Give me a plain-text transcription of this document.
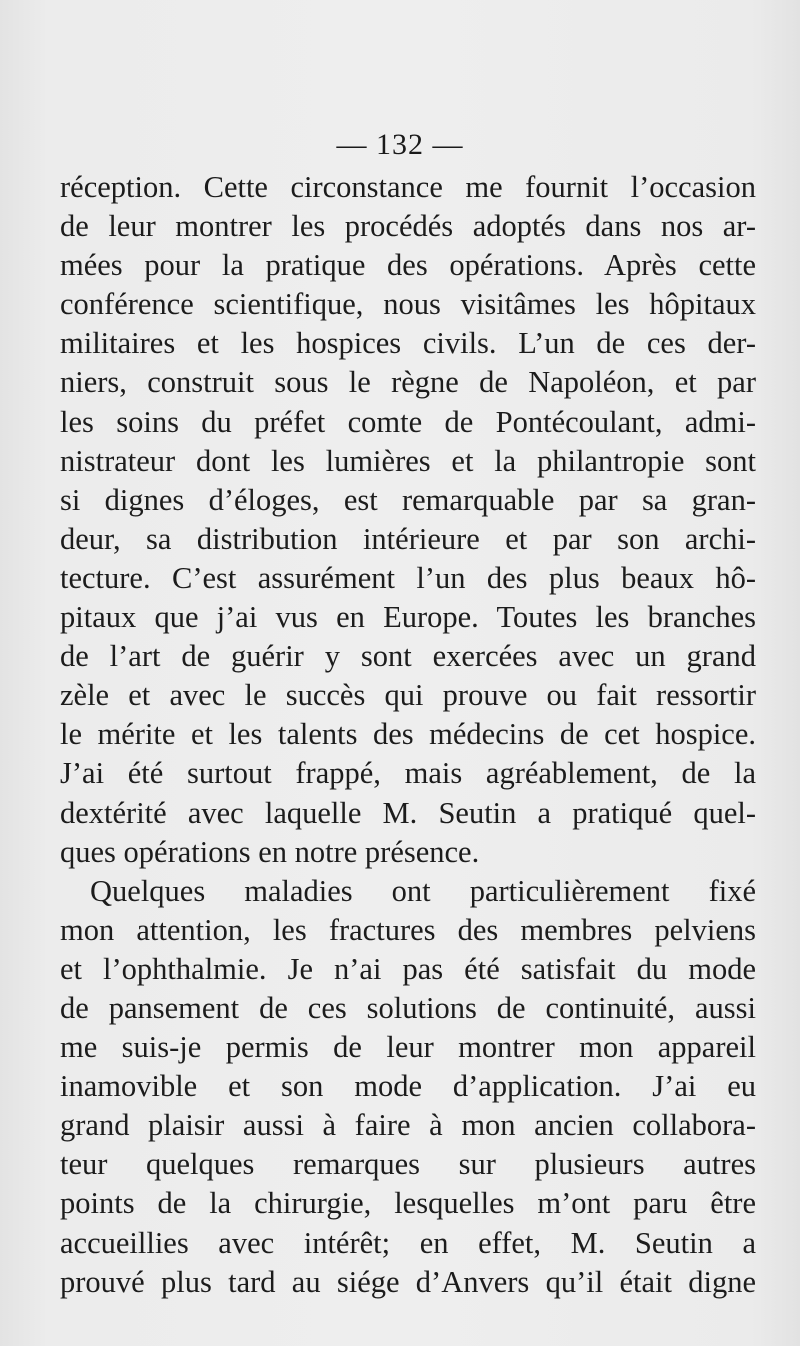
— 132 —
réception. Cette circonstance me fournit l’occasion
de leur montrer les procédés adoptés dans nos ar-
mées pour la pratique des opérations. Après cette
conférence scientifique, nous visitâmes les hôpitaux
militaires et les hospices civils. L’un de ces der-
niers, construit sous le règne de Napoléon, et par
les soins du préfet comte de Pontécoulant, admi-
nistrateur dont les lumières et la philantropie sont
si dignes d’éloges, est remarquable par sa gran-
deur, sa distribution intérieure et par son archi-
tecture. C’est assurément l’un des plus beaux hô-
pitaux que j’ai vus en Europe. Toutes les branches
de l’art de guérir y sont exercées avec un grand
zèle et avec le succès qui prouve ou fait ressortir
le mérite et les talents des médecins de cet hospice.
J’ai été surtout frappé, mais agréablement, de la
dextérité avec laquelle M. Seutin a pratiqué quel-
ques opérations en notre présence.
Quelques maladies ont particulièrement fixé
mon attention, les fractures des membres pelviens
et l’ophthalmie. Je n’ai pas été satisfait du mode
de pansement de ces solutions de continuité, aussi
me suis-je permis de leur montrer mon appareil
inamovible et son mode d’application. J’ai eu
grand plaisir aussi à faire à mon ancien collabora-
teur quelques remarques sur plusieurs autres
points de la chirurgie, lesquelles m’ont paru être
accueillies avec intérêt; en effet, M. Seutin a
prouvé plus tard au siége d’Anvers qu’il était digne
